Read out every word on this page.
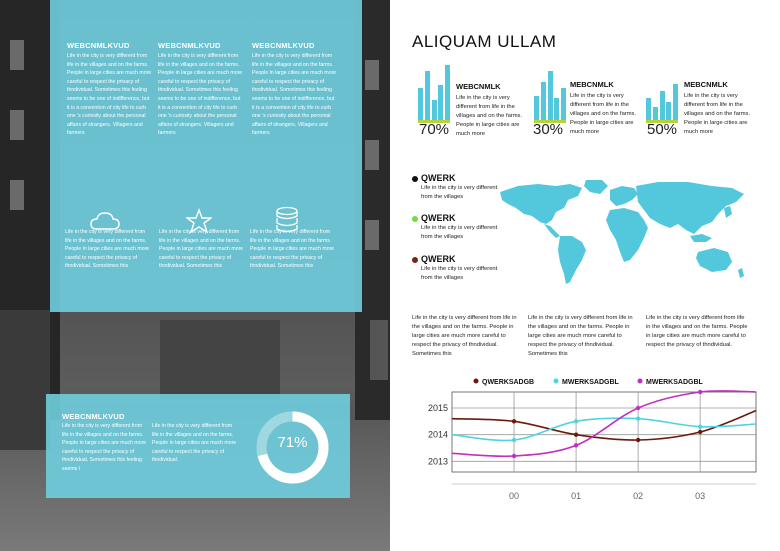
WEBCNMLKVUD
Life in the city is very different from life in the villages and on the farms. People in large cities are much more careful to respect the privacy of thndividual. Sometimes this feeling seems to be one of indifference, but it is a convention of city life to curb one 's curiosity about the personal affairs of strangers. Villagers and farmers
WEBCNMLKVUD
Life in the city is very different from life in the villages and on the farms. People in large cities are much more careful to respect the privacy of thndividual. Sometimes this feeling seems to be one of indifference, but it is a convention of city life to curb one 's curiosity about the personal affairs of strangers. Villagers and farmers
WEBCNMLKVUD
Life in the city is very different from life in the villages and on the farms. People in large cities are much more careful to respect the privacy of thndividual. Sometimes this feeling seems to be one of indifference, but it is a convention of city life to curb one 's curiosity about the personal affairs of strangers. Villagers and farmers
Life in the city is very different from life in the villages and on the farms. People in large cities are much more careful to respect the privacy of thndividual. Sometimes this
Life in the city is very different from life in the villages and on the farms. People in large cities are much more careful to respect the privacy of thndividual. Sometimes this
Life in the city is very different from life in the villages and on the farms. People in large cities are much more careful to respect the privacy of thndividual. Sometimes this
WEBCNMLKVUD
Life in the city is very different from life in the villages and on the farms. People in large cities are much more careful to respect the privacy of thndividual. Sometimes this feeling seems l
Life in the city is very different from life in the villages and on the farms. People in large cities are much more careful to respect the privacy of thndividual.
71%
ALIQUAM ULLAM
70%
WEBCNMLK
Life in the city is very different from life in the villages and on the farms. People in large cities are much more	30%
MEBCNMLK
Life in the city is very different from life in the villages and on the farms. People in large cities are much more	50%
MEBCNMLK
Life in the city is very different from life in the villages and on the farms. People in large cities are much more
QWERK
Life in the city is very different from the villages
QWERK
Life in the city is very different from the villages
QWERK
Life in the city is very different from the villages
Life in the city is very different from life in the villages and on the farms. People in large cities are much more careful to respect the privacy of thndividual. Sometimes this
Life in the city is very different from life in the villages and on the farms. People in large cities are much more careful to respect the privacy of thndividual. Sometimes this
Life in the city is very different from life in the villages and on the farms. People in large cities are much more careful to respect the privacy of thndividual.
2015
2014
2013
00	01	02	03
QWERKSADGB	MWERKSADGBL	MWERKSADGBL
